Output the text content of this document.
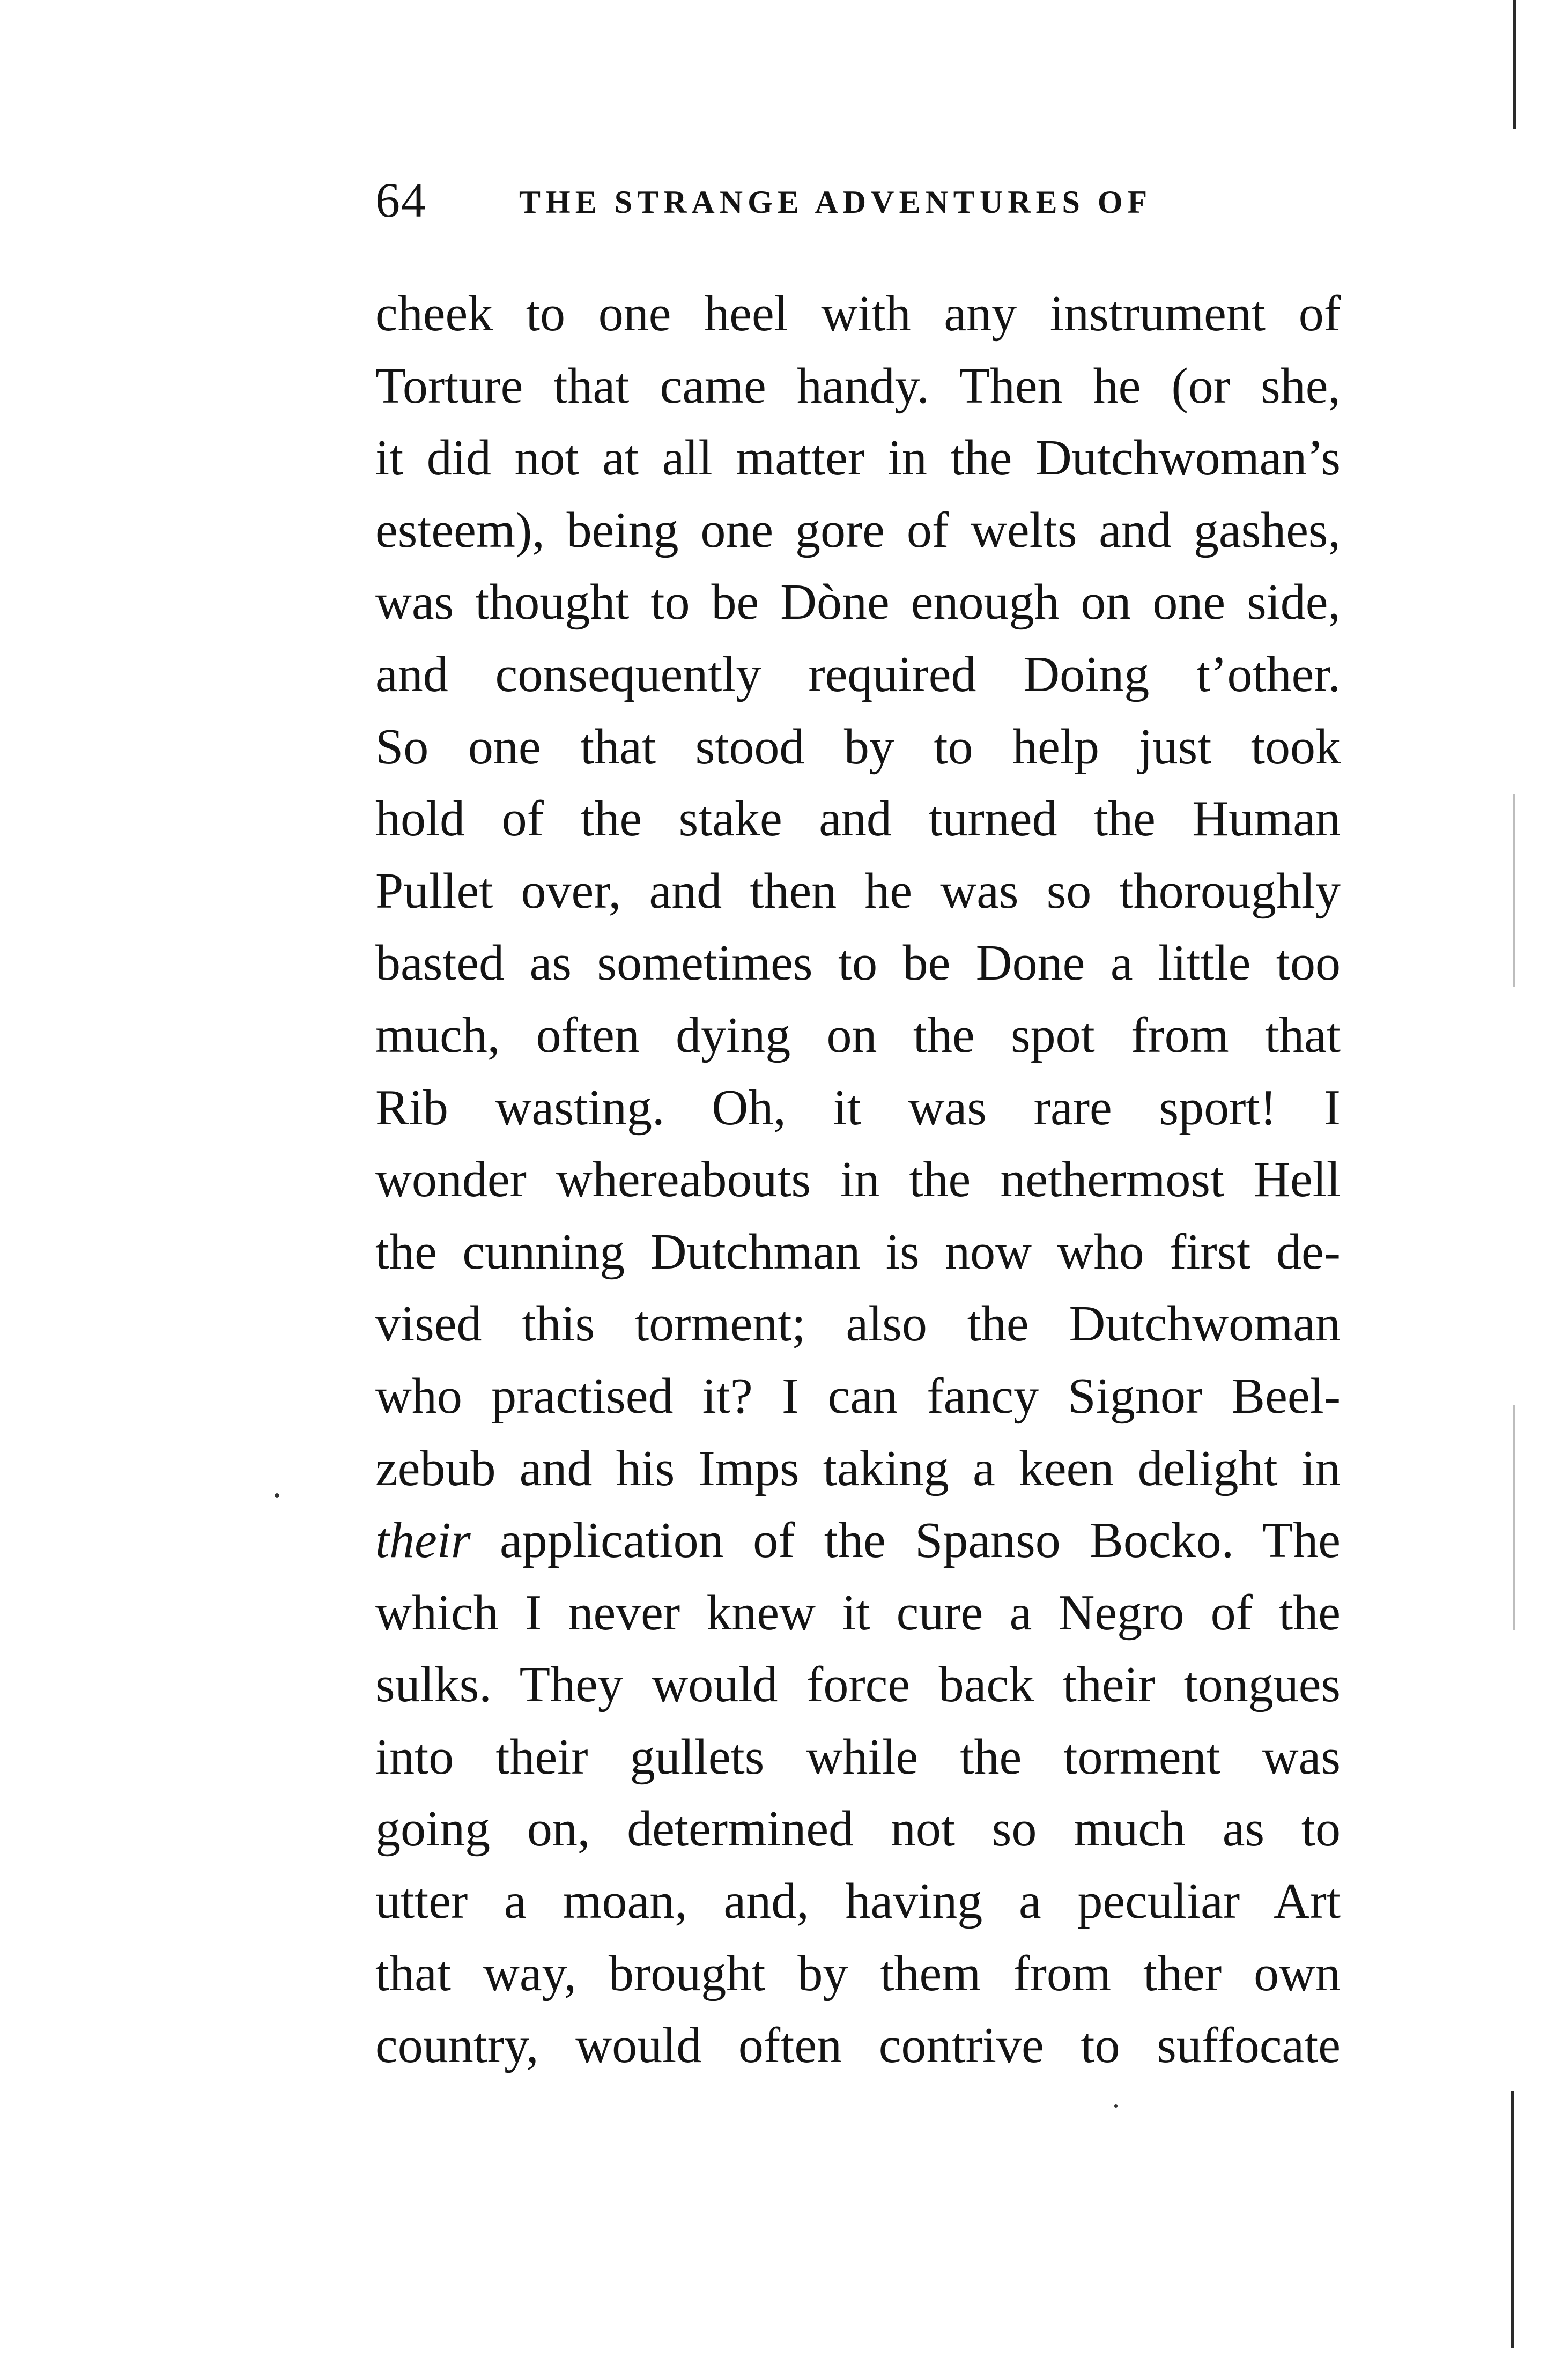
64	THE STRANGE ADVENTURES OF
cheek to one heel with any instrument of
Torture that came handy. Then he (or she,
it did not at all matter in the Dutchwoman’s
esteem), being one gore of welts and gashes,
was thought to be Dòne enough on one side,
and consequently required Doing t’other.
So one that stood by to help just took
hold of the stake and turned the Human
Pullet over, and then he was so thoroughly
basted as sometimes to be Done a little too
much, often dying on the spot from that
Rib wasting. Oh, it was rare sport! I
wonder whereabouts in the nethermost Hell
the cunning Dutchman is now who first de-
vised this torment; also the Dutchwoman
who practised it? I can fancy Signor Beel-
zebub and his Imps taking a keen delight in
their application of the Spanso Bocko. The
which I never knew it cure a Negro of the
sulks. They would force back their tongues
into their gullets while the torment was
going on, determined not so much as to
utter a moan, and, having a peculiar Art
that way, brought by them from ther own
country, would often contrive to suffocate
